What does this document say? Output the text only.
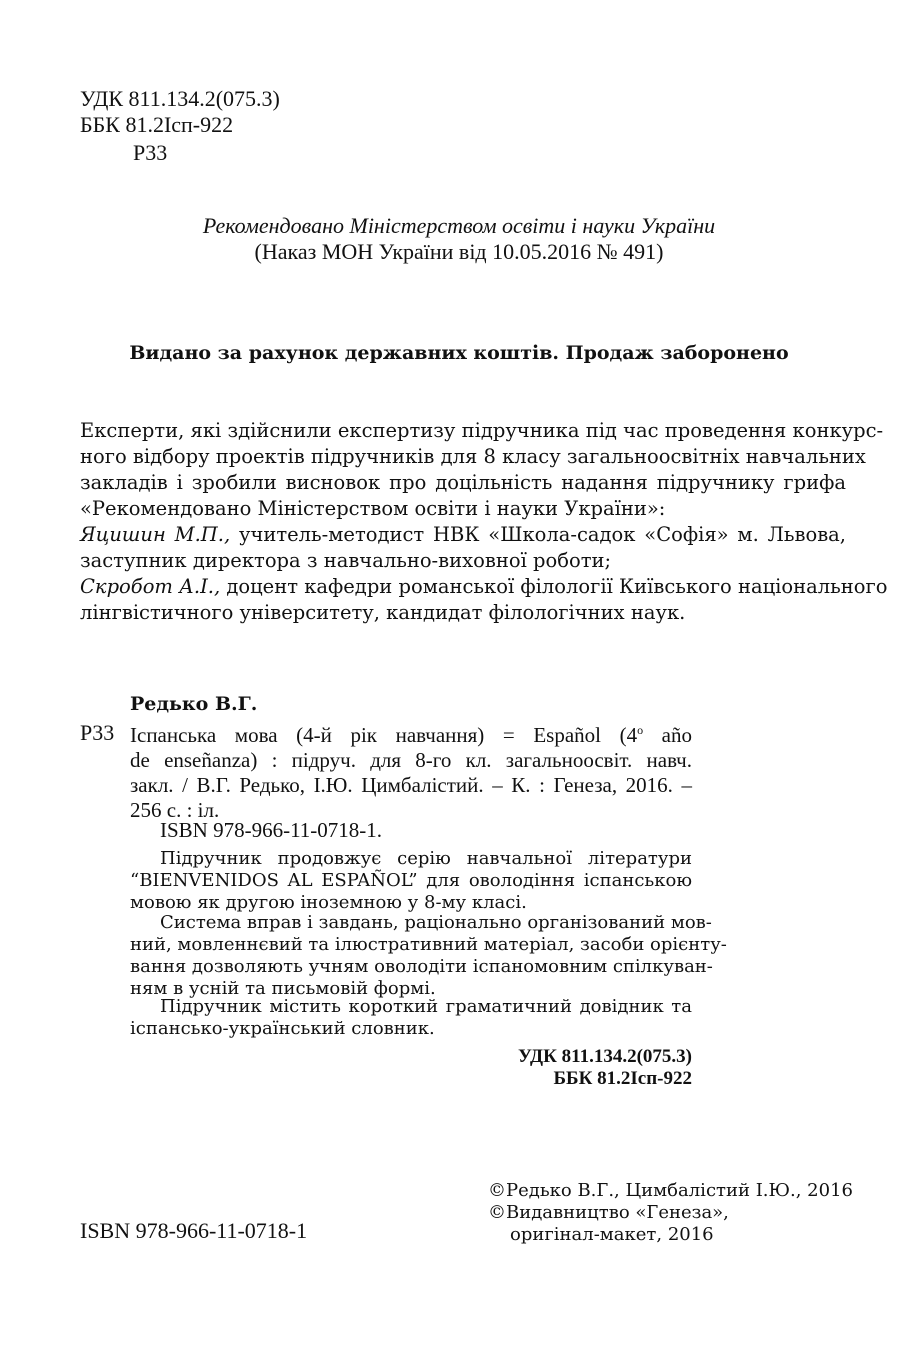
УДК 811.134.2(075.3)
ББК 81.2Ісп-922
Р33
Рекомендовано Міністерством освіти і науки України
(Наказ МОН України від 10.05.2016 № 491)
Видано за рахунок державних коштів. Продаж заборонено
Експерти, які здійснили експертизу підручника під час проведення конкурс-
ного відбору проектів підручників для 8 класу загальноосвітніх навчальних
закладів і зробили висновок про доцільність надання підручнику грифа
«Рекомендовано Міністерством освіти і науки України»:
Яцишин М.П., учитель-методист НВК «Школа-садок «Софія» м. Львова,
заступник директора з навчально-виховної роботи;
Скробот А.І., доцент кафедри романської філології Київського національного
лінгвістичного університету, кандидат філологічних наук.
Редько В.Г.
Р33 Іспанська мова (4-й рік навчання) = Español ($4^о$ año
de enseñanza) : підруч. для 8-го кл. загальноосвіт. навч.
закл. / В.Г. Редько, І.Ю. Цимбалістий. – К. : Генеза, 2016. –
256 с. : іл.
ISBN 978-966-11-0718-1.
Підручник продовжує серію навчальної літератури
“BIENVENIDOS AL ESPAÑOL” для оволодіння іспанською
мовою як другою іноземною у 8-му класі.
Система вправ і завдань, раціонально організований мов-
ний, мовленнєвий та ілюстративний матеріал, засоби орієнту-
вання дозволяють учням оволодіти іспаномовним спілкуван-
ням в усній та письмовій формі.
Підручник містить короткий граматичний довідник та
іспансько-український словник.
УДК 811.134.2(075.3)
ББК 81.2Ісп-922
ISBN 978-966-11-0718-1
©Редько В.Г., Цимбалістий І.Ю., 2016
©Видавництво «Генеза»,
оригінал-макет, 2016
